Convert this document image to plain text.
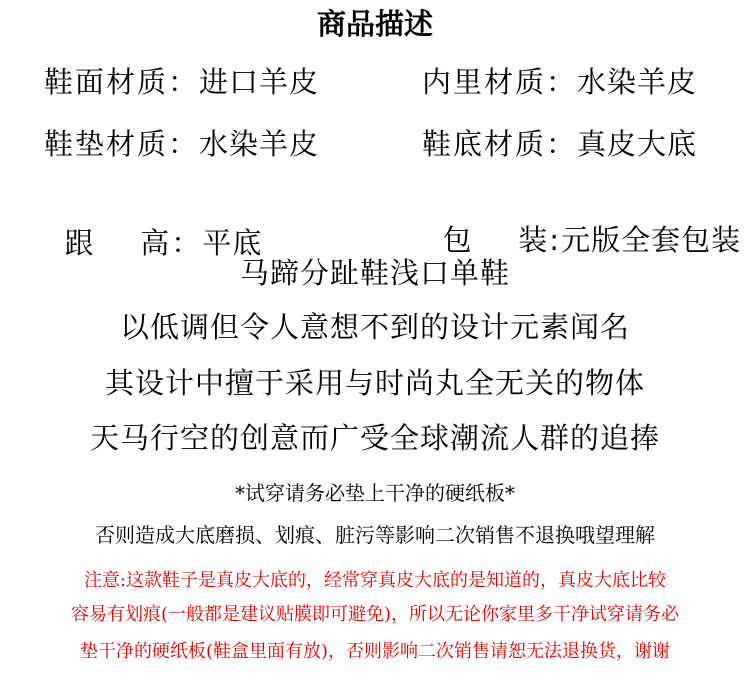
商品描述
鞋面材质：进口羊皮	内里材质：水染羊皮
鞋垫材质：水染羊皮	鞋底材质：真皮大底

跟    高：平底	包    装:元版全套包装

马蹄分趾鞋浅口单鞋

以低调但令人意想不到的设计元素闻名

其设计中擅于采用与时尚丸全无关的物体

天马行空的创意而广受全球潮流人群的追捧

*试穿请务必垫上干净的硬纸板*

否则造成大底磨损、划痕、脏污等影响二次销售不退换哦望理解

注意:这款鞋子是真皮大底的，经常穿真皮大底的是知道的，真皮大底比较

容易有划痕(一般都是建议贴膜即可避免)，所以无论你家里多干净试穿请务必

垫干净的硬纸板(鞋盒里面有放)，否则影响二次销售请恕无法退换货，谢谢
